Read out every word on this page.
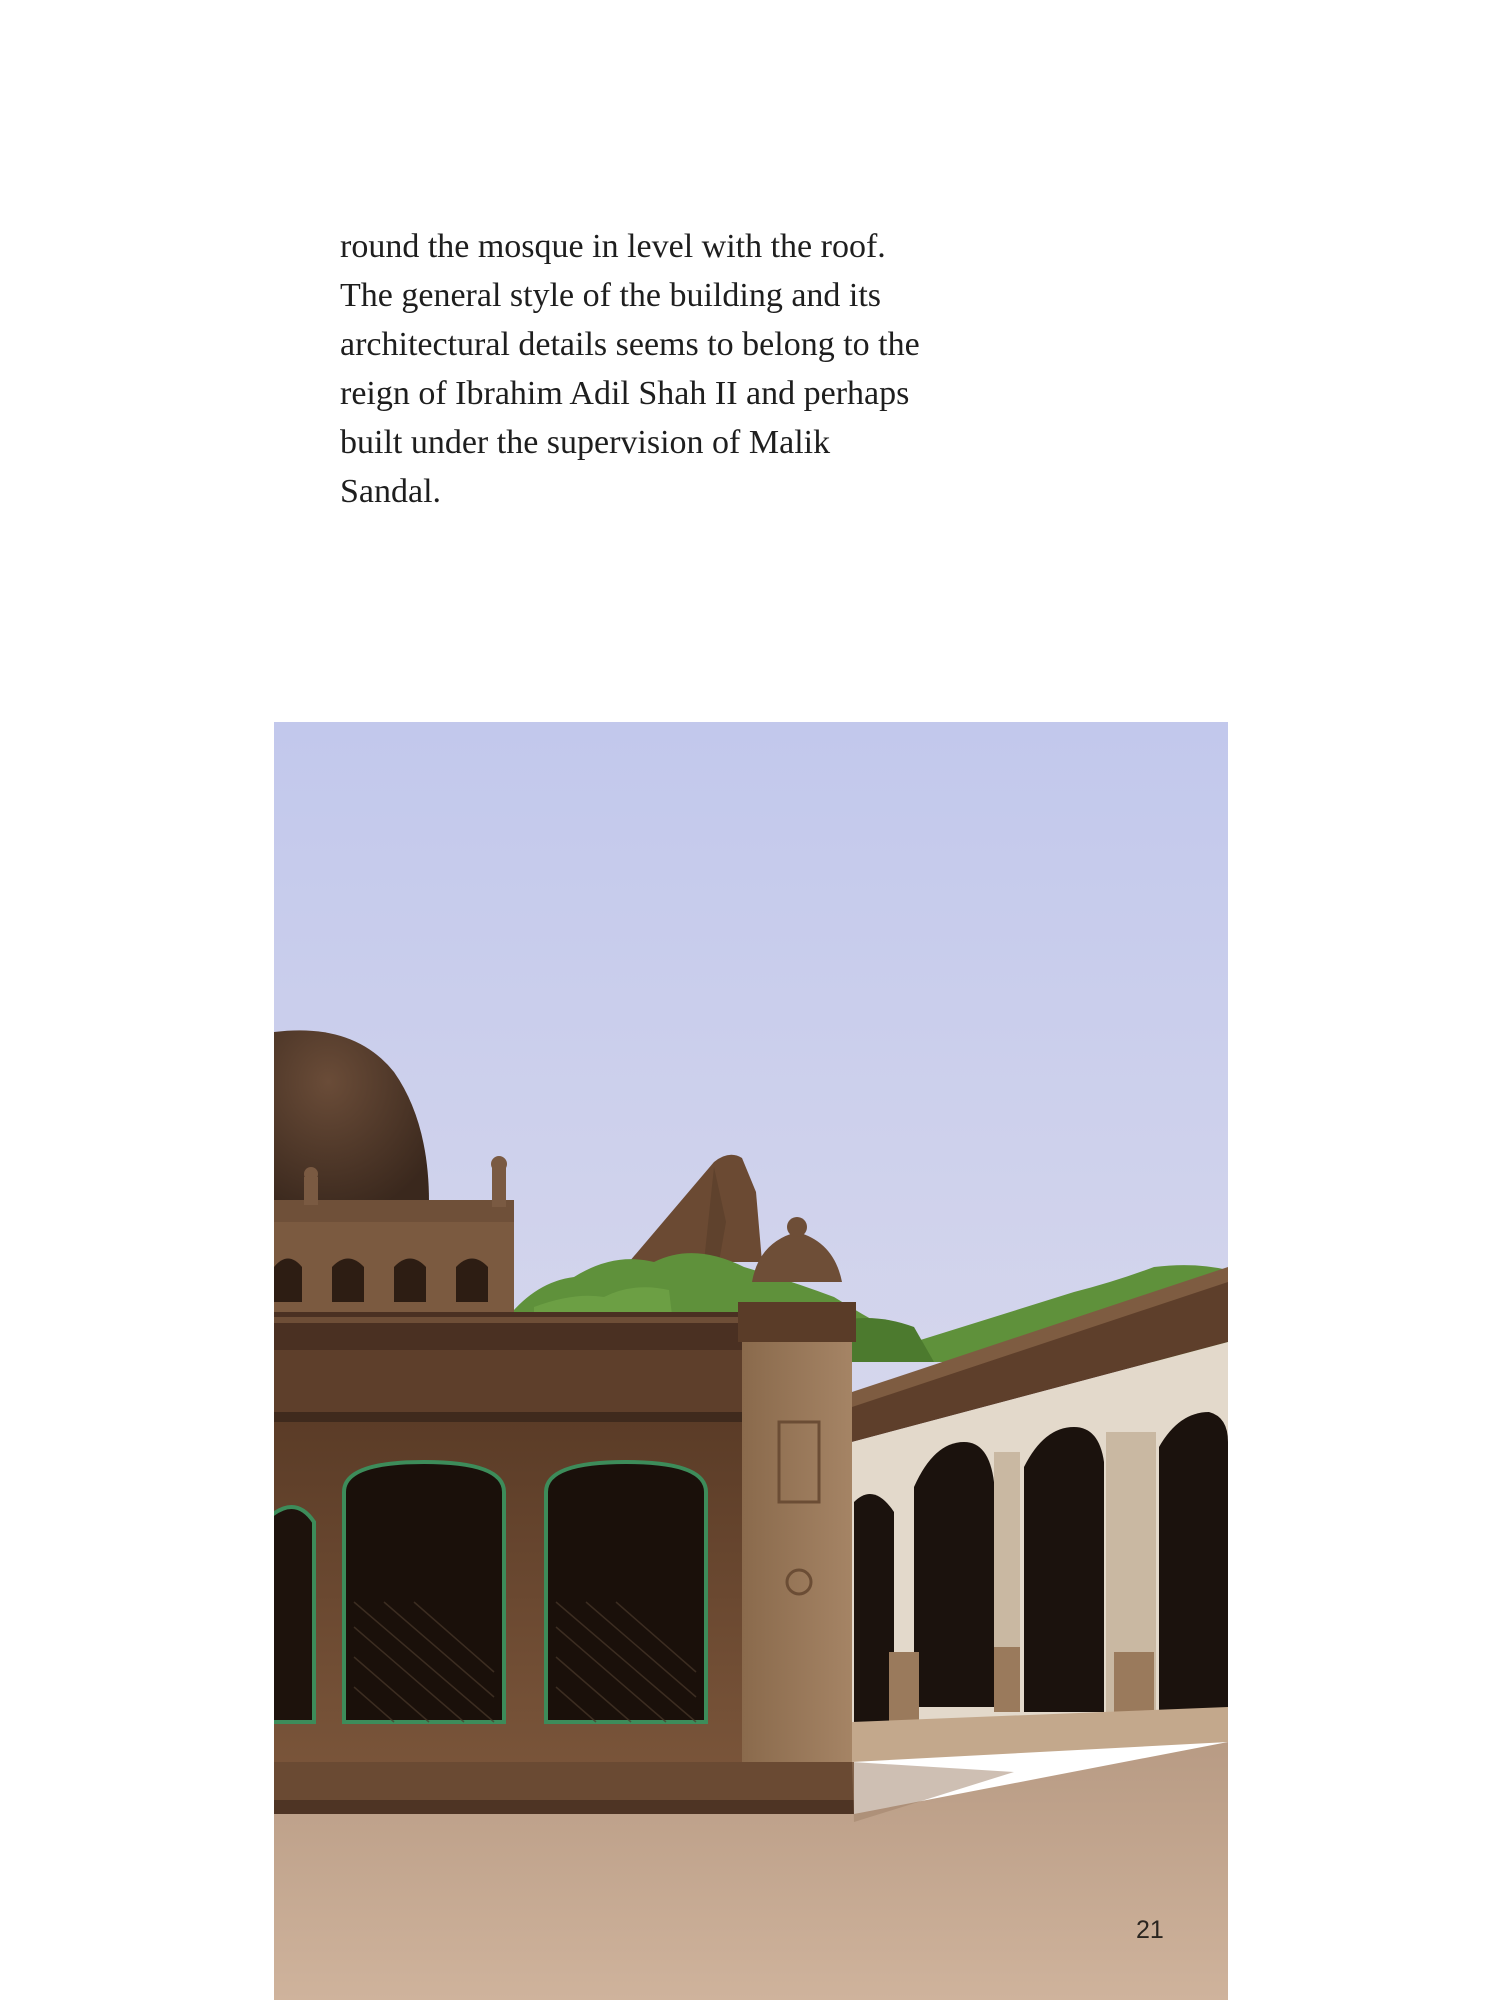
round the mosque in level with the roof.
The general style of the building and its
architectural details seems to belong to the
reign of Ibrahim Adil Shah II and perhaps
built under the supervision of Malik
Sandal.

21
